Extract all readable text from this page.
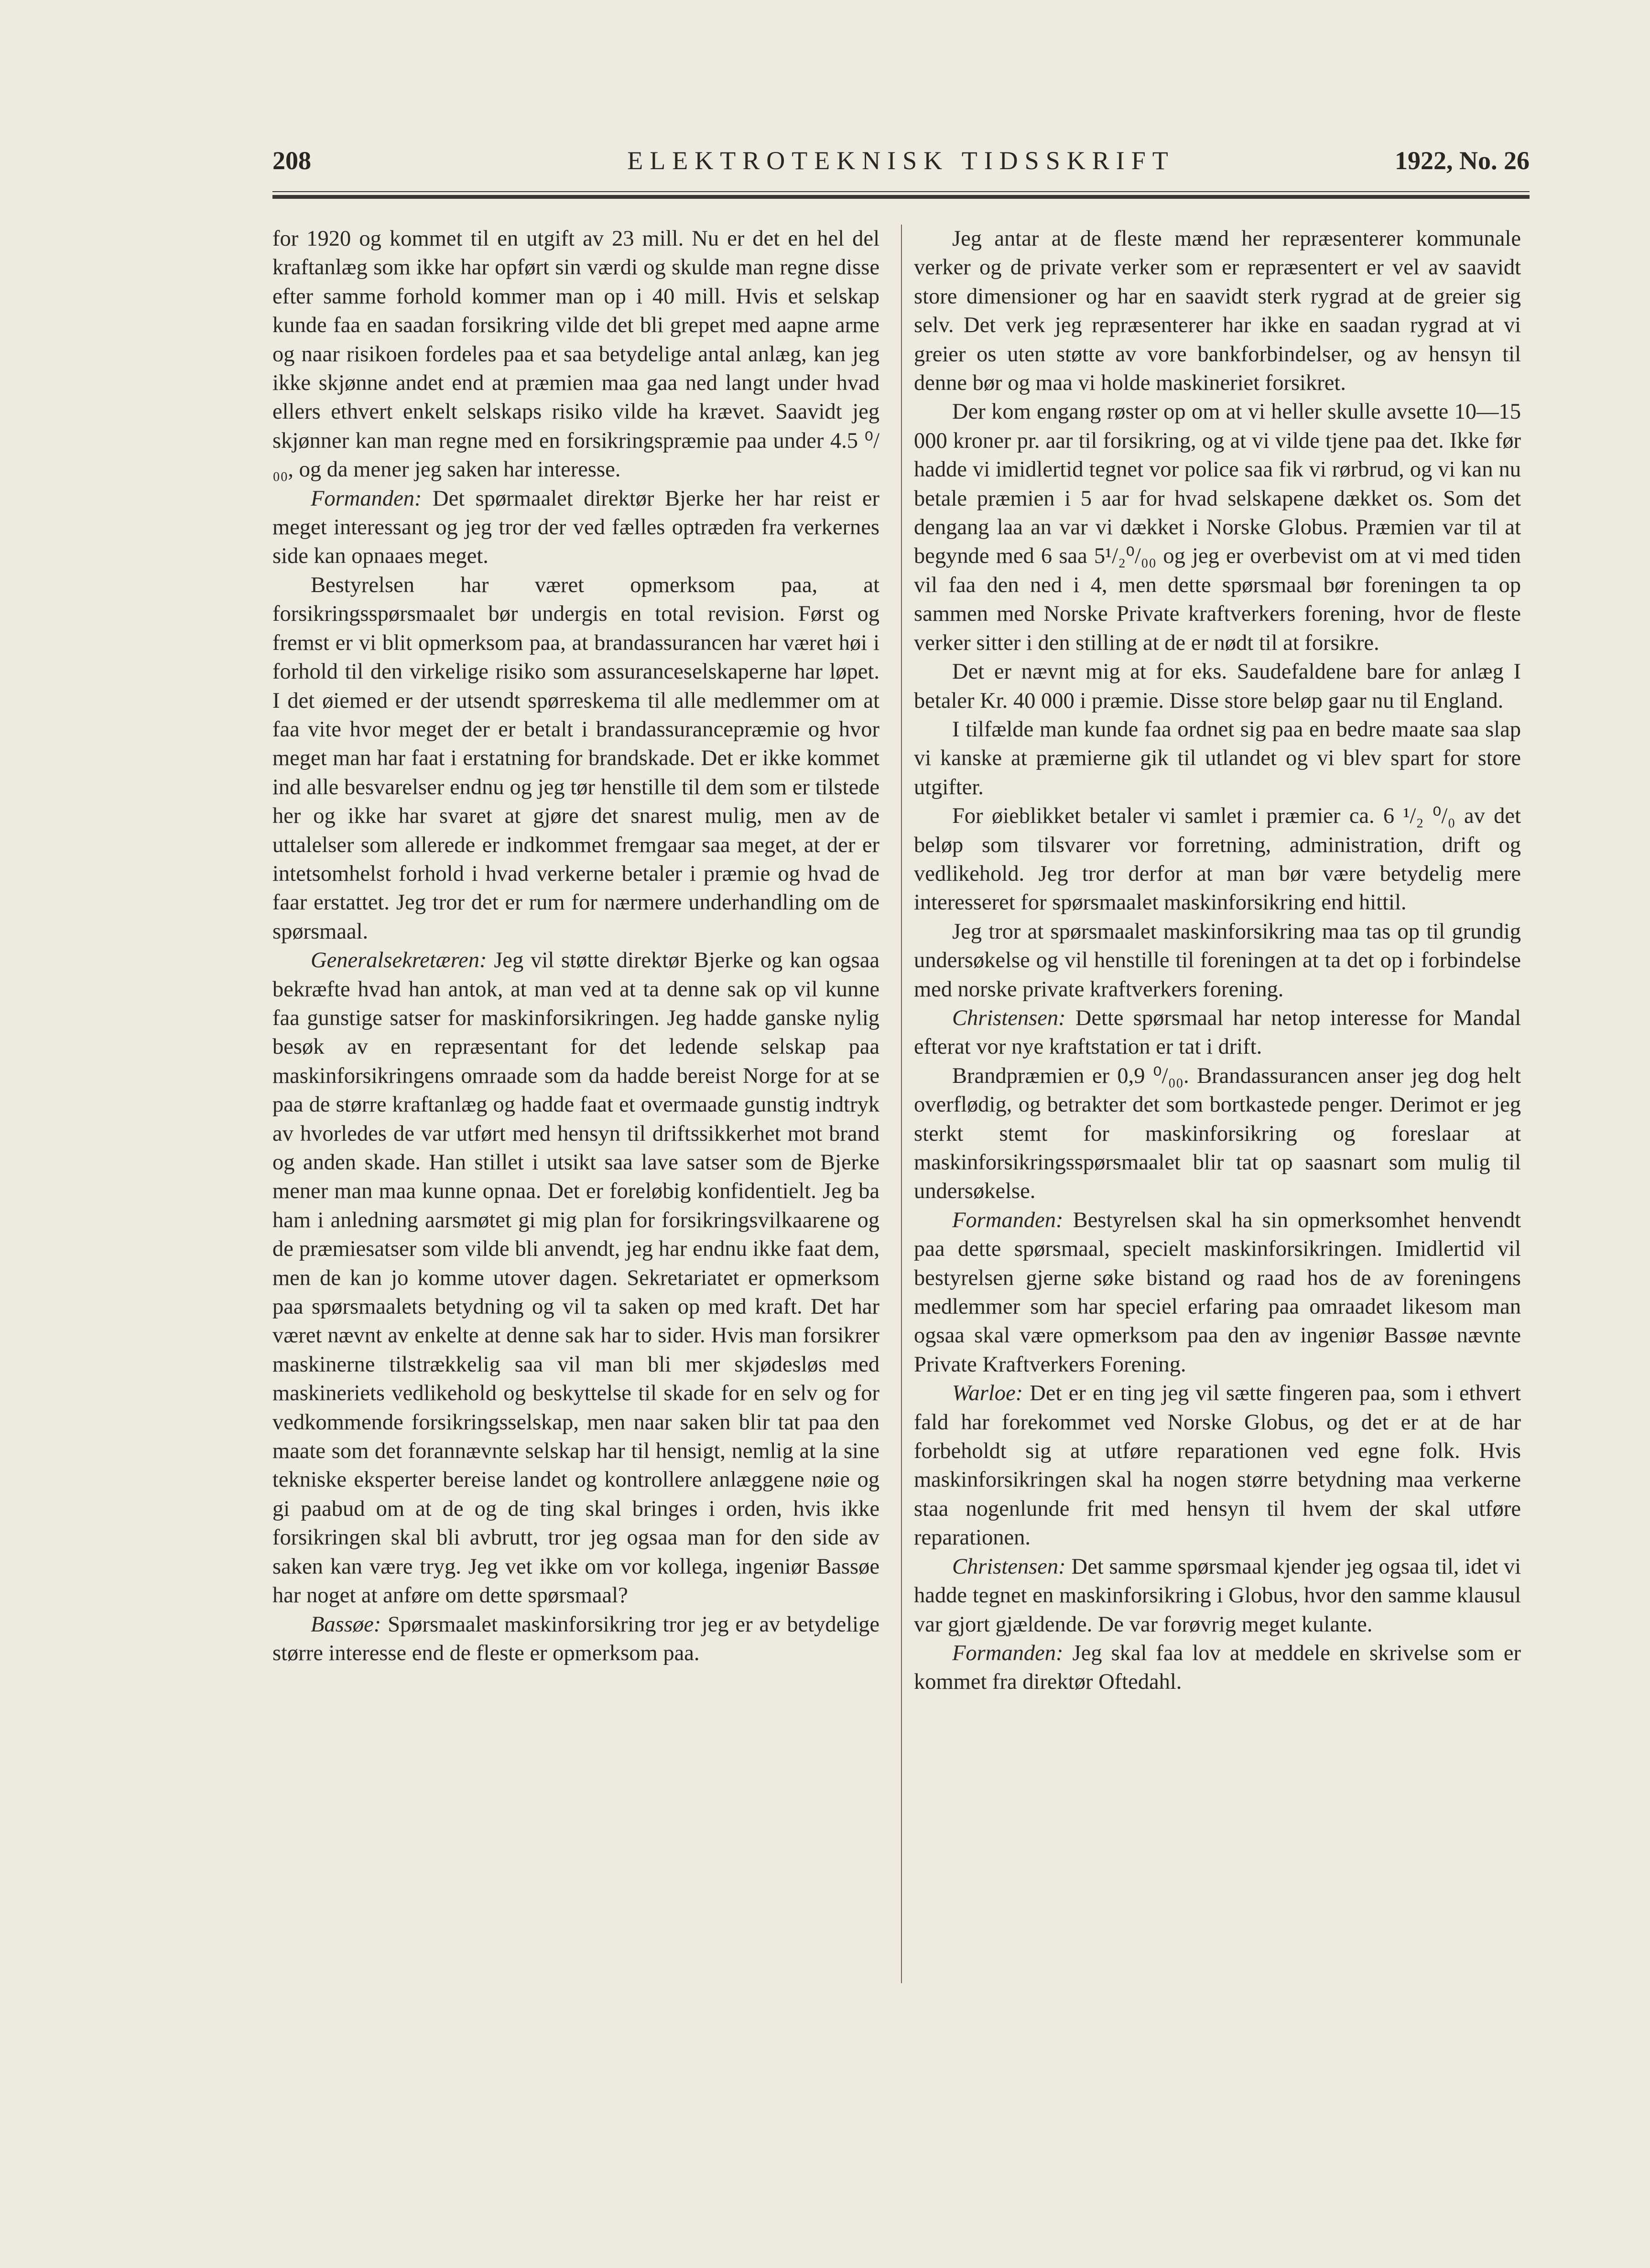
208	ELEKTROTEKNISK TIDSSKRIFT	1922, No. 26

for 1920 og kommet til en utgift av 23 mill. Nu er det en hel del kraftanlæg som ikke har opført sin værdi og skulde man regne disse efter samme forhold kommer man op i 40 mill. Hvis et selskap kunde faa en saadan forsikring vilde det bli grepet med aapne arme og naar risikoen fordeles paa et saa betydelige antal anlæg, kan jeg ikke skjønne andet end at præmien maa gaa ned langt under hvad ellers ethvert enkelt selskaps risiko vilde ha krævet. Saavidt jeg skjønner kan man regne med en forsikringspræmie paa under 4.5 ⁰/₀₀, og da mener jeg saken har interesse.

Formanden: Det spørmaalet direktør Bjerke her har reist er meget interessant og jeg tror der ved fælles optræden fra verkernes side kan opnaaes meget.

Bestyrelsen har været opmerksom paa, at forsikringsspørsmaalet bør undergis en total revision. Først og fremst er vi blit opmerksom paa, at brandassurancen har været høi i forhold til den virkelige risiko som assuranceselskaperne har løpet. I det øiemed er der utsendt spørreskema til alle medlemmer om at faa vite hvor meget der er betalt i brandassurancepræmie og hvor meget man har faat i erstatning for brandskade. Det er ikke kommet ind alle besvarelser endnu og jeg tør henstille til dem som er tilstede her og ikke har svaret at gjøre det snarest mulig, men av de uttalelser som allerede er indkommet fremgaar saa meget, at der er intetsomhelst forhold i hvad verkerne betaler i præmie og hvad de faar erstattet. Jeg tror det er rum for nærmere underhandling om de spørsmaal.

Generalsekretæren: Jeg vil støtte direktør Bjerke og kan ogsaa bekræfte hvad han antok, at man ved at ta denne sak op vil kunne faa gunstige satser for maskinforsikringen. Jeg hadde ganske nylig besøk av en repræsentant for det ledende selskap paa maskinforsikringens omraade som da hadde bereist Norge for at se paa de større kraftanlæg og hadde faat et overmaade gunstig indtryk av hvorledes de var utført med hensyn til driftssikkerhet mot brand og anden skade. Han stillet i utsikt saa lave satser som de Bjerke mener man maa kunne opnaa. Det er foreløbig konfidentielt. Jeg ba ham i anledning aarsmøtet gi mig plan for forsikringsvilkaarene og de præmiesatser som vilde bli anvendt, jeg har endnu ikke faat dem, men de kan jo komme utover dagen. Sekretariatet er opmerksom paa spørsmaalets betydning og vil ta saken op med kraft. Det har været nævnt av enkelte at denne sak har to sider. Hvis man forsikrer maskinerne tilstrækkelig saa vil man bli mer skjødesløs med maskineriets vedlikehold og beskyttelse til skade for en selv og for vedkommende forsikringsselskap, men naar saken blir tat paa den maate som det forannævnte selskap har til hensigt, nemlig at la sine tekniske eksperter bereise landet og kontrollere anlæggene nøie og gi paabud om at de og de ting skal bringes i orden, hvis ikke forsikringen skal bli avbrutt, tror jeg ogsaa man for den side av saken kan være tryg. Jeg vet ikke om vor kollega, ingeniør Bassøe har noget at anføre om dette spørsmaal?

Bassøe: Spørsmaalet maskinforsikring tror jeg er av betydelige større interesse end de fleste er opmerksom paa.

Jeg antar at de fleste mænd her repræsenterer kommunale verker og de private verker som er repræsentert er vel av saavidt store dimensioner og har en saavidt sterk rygrad at de greier sig selv. Det verk jeg repræsenterer har ikke en saadan rygrad at vi greier os uten støtte av vore bankforbindelser, og av hensyn til denne bør og maa vi holde maskineriet forsikret.

Der kom engang røster op om at vi heller skulle avsette 10—15 000 kroner pr. aar til forsikring, og at vi vilde tjene paa det. Ikke før hadde vi imidlertid tegnet vor police saa fik vi rørbrud, og vi kan nu betale præmien i 5 aar for hvad selskapene dækket os. Som det dengang laa an var vi dækket i Norske Globus. Præmien var til at begynde med 6 saa 5¹/₂⁰/₀₀ og jeg er overbevist om at vi med tiden vil faa den ned i 4, men dette spørsmaal bør foreningen ta op sammen med Norske Private kraftverkers forening, hvor de fleste verker sitter i den stilling at de er nødt til at forsikre.

Det er nævnt mig at for eks. Saudefaldene bare for anlæg I betaler Kr. 40 000 i præmie. Disse store beløp gaar nu til England.

I tilfælde man kunde faa ordnet sig paa en bedre maate saa slap vi kanske at præmierne gik til utlandet og vi blev spart for store utgifter.

For øieblikket betaler vi samlet i præmier ca. 6 ¹/₂ ⁰/₀ av det beløp som tilsvarer vor forretning, administration, drift og vedlikehold. Jeg tror derfor at man bør være betydelig mere interesseret for spørsmaalet maskinforsikring end hittil.

Jeg tror at spørsmaalet maskinforsikring maa tas op til grundig undersøkelse og vil henstille til foreningen at ta det op i forbindelse med norske private kraftverkers forening.

Christensen: Dette spørsmaal har netop interesse for Mandal efterat vor nye kraftstation er tat i drift.

Brandpræmien er 0,9 ⁰/₀₀. Brandassurancen anser jeg dog helt overflødig, og betrakter det som bortkastede penger. Derimot er jeg sterkt stemt for maskinforsikring og foreslaar at maskinforsikringsspørsmaalet blir tat op saasnart som mulig til undersøkelse.

Formanden: Bestyrelsen skal ha sin opmerksomhet henvendt paa dette spørsmaal, specielt maskinforsikringen. Imidlertid vil bestyrelsen gjerne søke bistand og raad hos de av foreningens medlemmer som har speciel erfaring paa omraadet likesom man ogsaa skal være opmerksom paa den av ingeniør Bassøe nævnte Private Kraftverkers Forening.

Warloe: Det er en ting jeg vil sætte fingeren paa, som i ethvert fald har forekommet ved Norske Globus, og det er at de har forbeholdt sig at utføre reparationen ved egne folk. Hvis maskinforsikringen skal ha nogen større betydning maa verkerne staa nogenlunde frit med hensyn til hvem der skal utføre reparationen.

Christensen: Det samme spørsmaal kjender jeg ogsaa til, idet vi hadde tegnet en maskinforsikring i Globus, hvor den samme klausul var gjort gjældende. De var forøvrig meget kulante.

Formanden: Jeg skal faa lov at meddele en skrivelse som er kommet fra direktør Oftedahl.
